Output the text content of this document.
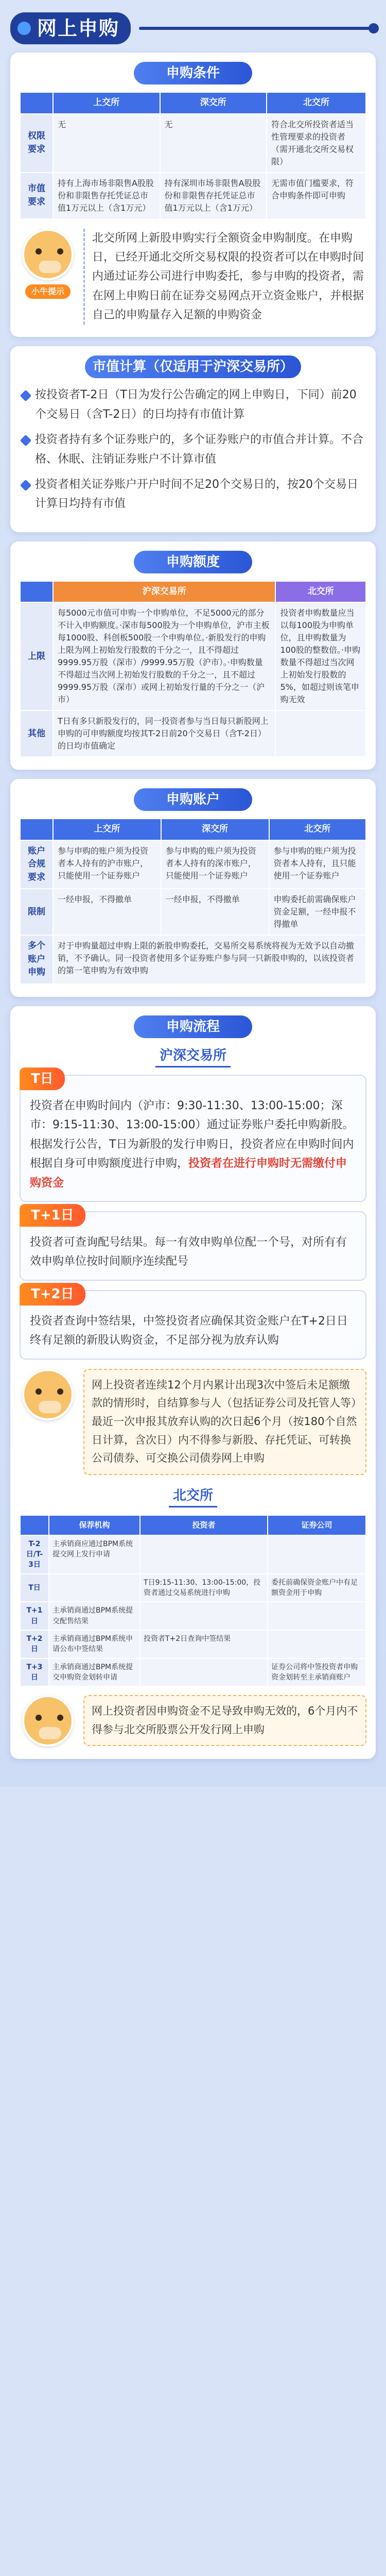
网上申购
申购条件
	上交所	深交所	北交所
权限要求	无	无	符合北交所投资者适当性管理要求的投资者（需开通北交所交易权限）
市值要求	持有上海市场非限售A股股份和非限售存托凭证总市值1万元以上（含1万元）	持有深圳市场非限售A股股份和非限售存托凭证总市值1万元以上（含1万元）	无需市值门槛要求，符合申购条件即可申购
小牛提示
北交所网上新股申购实行全额资金申购制度。在申购日，已经开通北交所交易权限的投资者可以在申购时间内通过证券公司进行申购委托，参与申购的投资者，需在网上申购日前在证券交易网点开立资金账户，并根据自己的申购量存入足额的申购资金
市值计算（仅适用于沪深交易所）
按投资者T-2日（T日为发行公告确定的网上申购日，下同）前20个交易日（含T-2日）的日均持有市值计算
投资者持有多个证券账户的，多个证券账户的市值合并计算。不合格、休眠、注销证券账户不计算市值
投资者相关证券账户开户时间不足20个交易日的，按20个交易日计算日均持有市值
申购额度
	沪深交易所	北交所
上限	每5000元市值可申购一个申购单位，不足5000元的部分不计入申购额度。·深市每500股为一个申购单位，沪市主板每1000股、科创板500股一个申购单位。·新股发行的申购上限为网上初始发行股数的千分之一，且不得超过9999.95万股（深市）/9999.95万股（沪市）。·申购数量不得超过当次网上初始发行股数的千分之一，且不超过9999.95万股（深市）或网上初始发行量的千分之一（沪市）	投资者申购数量应当以每100股为申购单位，且申购数量为100股的整数倍。·申购数量不得超过当次网上初始发行股数的5%，如超过则该笔申购无效
其他	T日有多只新股发行的，同一投资者参与当日每只新股网上申购的可申购额度均按其T-2日前20个交易日（含T-2日）的日均市值确定	
申购账户
	上交所	深交所	北交所
账户合规要求	参与申购的账户须为投资者本人持有的沪市账户，只能使用一个证券账户	参与申购的账户须为投资者本人持有的深市账户，只能使用一个证券账户	参与申购的账户须为投资者本人持有，且只能使用一个证券账户
限制	一经申报，不得撤单	一经申报，不得撤单	申购委托前需确保账户资金足额，一经申报不得撤单
多个账户申购	对于申购量超过申购上限的新股申购委托，交易所交易系统将视为无效予以自动撤销，不予确认。同一投资者使用多个证券账户参与同一只新股申购的，以该投资者的第一笔申购为有效申购		
申购流程
沪深交易所
T日

投资者在申购时间内（沪市：9:30-11:30、13:00-15:00；深市：9:15-11:30、13:00-15:00）通过证券账户委托申购新股。根据发行公告，T日为新股的发行申购日，投资者应在申购时间内根据自身可申购额度进行申购，投资者在进行申购时无需缴付申购资金

T+1日

投资者可查询配号结果。每一有效申购单位配一个号，对所有有效申购单位按时间顺序连续配号

T+2日

投资者查询中签结果，中签投资者应确保其资金账户在T+2日日终有足额的新股认购资金，不足部分视为放弃认购

网上投资者连续12个月内累计出现3次中签后未足额缴款的情形时，自结算参与人（包括证券公司及托管人等）最近一次申报其放弃认购的次日起6个月（按180个自然日计算，含次日）内不得参与新股、存托凭证、可转换公司债券、可交换公司债券网上申购
北交所
	保荐机构	投资者	证券公司
T-2日/T-3日	主承销商应通过BPM系统提交网上发行申请		
T日		T日9:15-11:30、13:00-15:00，投资者通过交易系统进行申购	委托前确保资金账户中有足额资金用于申购
T+1日	主承销商通过BPM系统提交配售结果		
T+2日	主承销商通过BPM系统申请公布中签结果	投资者T+2日查询中签结果	
T+3日	主承销商通过BPM系统提交申购资金划转申请		证券公司将中签投资者申购资金划转至主承销商账户
网上投资者因申购资金不足导致申购无效的，6个月内不得参与北交所股票公开发行网上申购
